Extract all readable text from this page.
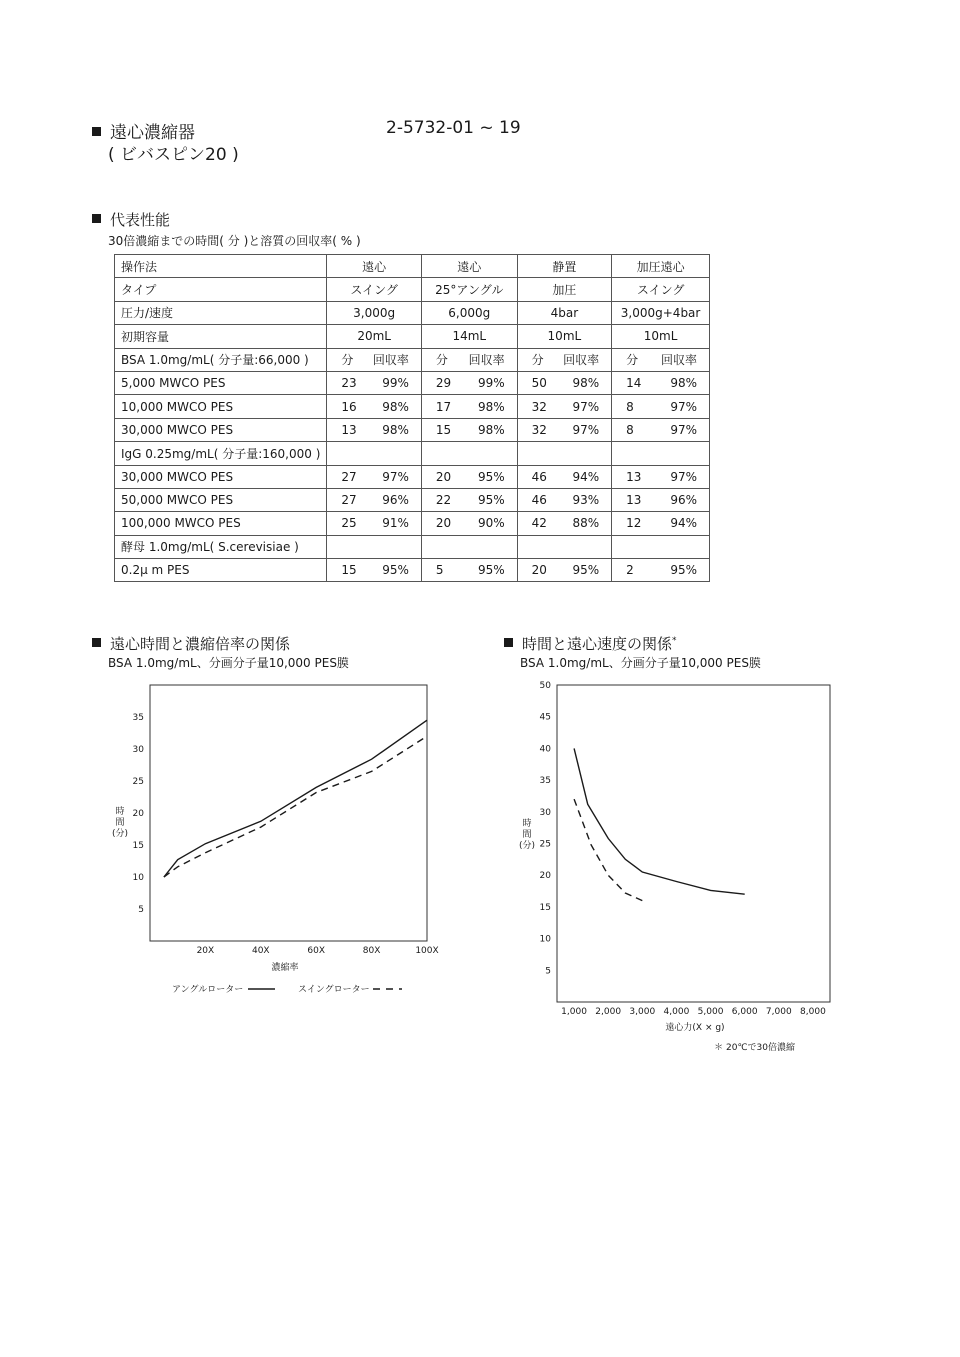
遠心濃縮器
( ビバスピン20 )
2-5732-01 ~ 19
代表性能
30倍濃縮までの時間( 分 )と溶質の回収率( % )
操作法	遠心	遠心	静置	加圧遠心
タイプ	スイング	25°アングル	加圧	スイング
圧力/速度	3,000g	6,000g	4bar	3,000g+4bar
初期容量	20mL	14mL	10mL	10mL
BSA 1.0mg/mL( 分子量:66,000 )	分 回収率	分 回収率	分 回収率	分 回収率

5,000 MWCO PES	23 99%	29 99%	50 98%	14 98%

10,000 MWCO PES	16 98%	17 98%	32 97%	8 97%

30,000 MWCO PES	13 98%	15 98%	32 97%	8 97%

IgG 0.25mg/mL( 分子量:160,000 )				
30,000 MWCO PES	27 97%	20 95%	46 94%	13 97%

50,000 MWCO PES	27 96%	22 95%	46 93%	13 96%

100,000 MWCO PES	25 91%	20 90%	42 88%	12 94%

酵母 1.0mg/mL( S.cerevisiae )				
0.2μ m PES	15 95%	5 95%	20 95%	2 95%
遠心時間と濃縮倍率の関係
BSA 1.0mg/mL、分画分子量10,000 PES膜
時間と遠心速度の関係*
BSA 1.0mg/mL、分画分子量10,000 PES膜
5
10
15
20
25
30
35
20X	40X	60X	80X	100X
時
間
(分)
濃縮率
アングルローター	スイングローター
5
10
15
20
25
30
35
40
45
50
1,000 2,000 3,000 4,000 5,000 6,000 7,000 8,000
時
間
(分)
遠心力(X × g)
＊ 20℃で30倍濃縮
